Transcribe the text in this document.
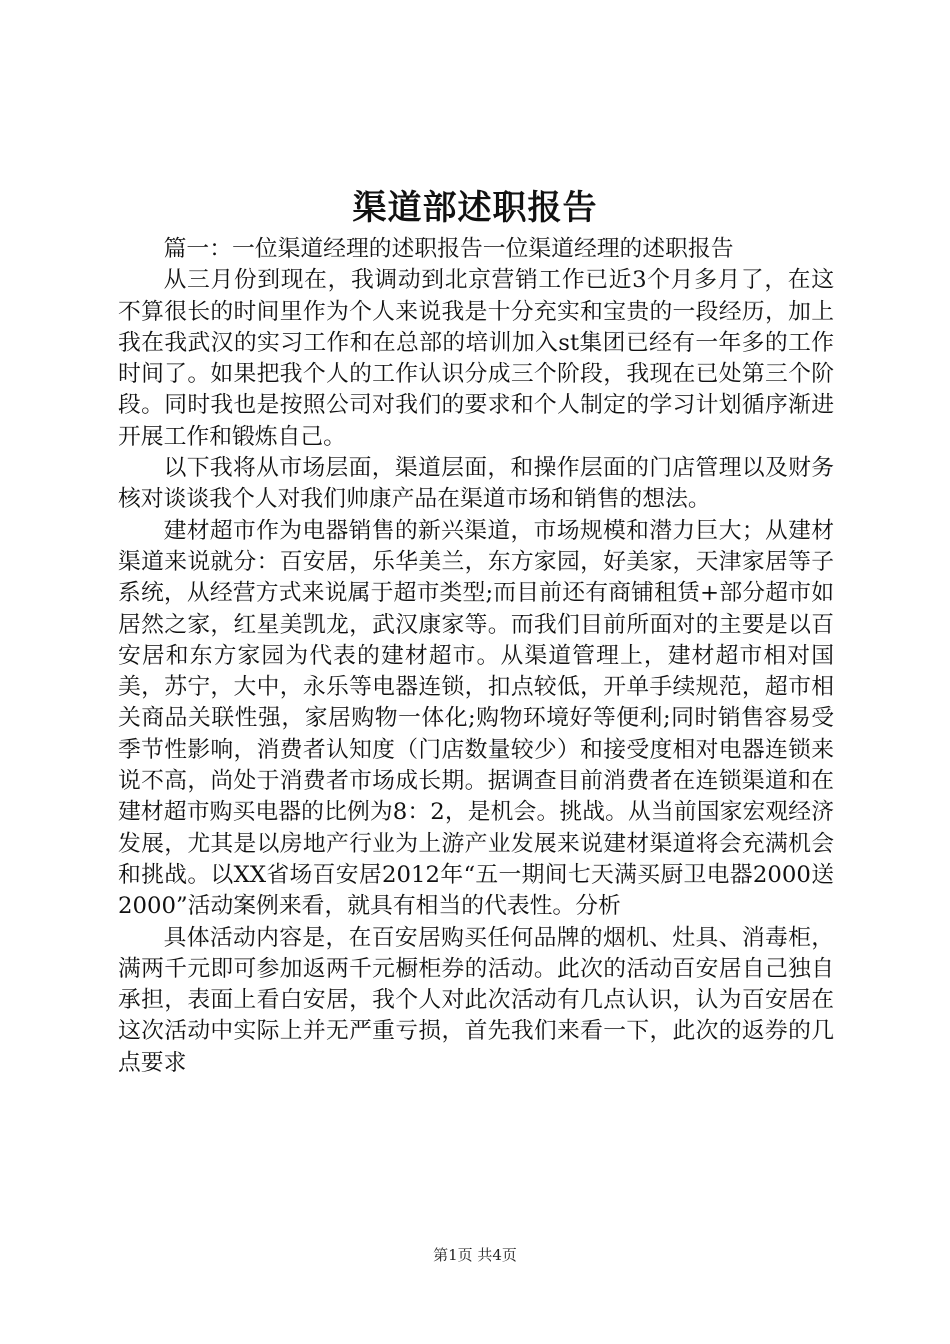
渠道部述职报告

篇一：一位渠道经理的述职报告一位渠道经理的述职报告

从三月份到现在，我调动到北京营销工作已近3个月多月了，在这不算很长的时间里作为个人来说我是十分充实和宝贵的一段经历，加上我在我武汉的实习工作和在总部的培训加入st集团已经有一年多的工作时间了。如果把我个人的工作认识分成三个阶段，我现在已处第三个阶段。同时我也是按照公司对我们的要求和个人制定的学习计划循序渐进开展工作和锻炼自己。

以下我将从市场层面，渠道层面，和操作层面的门店管理以及财务核对谈谈我个人对我们帅康产品在渠道市场和销售的想法。

建材超市作为电器销售的新兴渠道，市场规模和潜力巨大；从建材渠道来说就分：百安居，乐华美兰，东方家园，好美家，天津家居等子系统，从经营方式来说属于超市类型;而目前还有商铺租赁+部分超市如居然之家，红星美凯龙，武汉康家等。而我们目前所面对的主要是以百安居和东方家园为代表的建材超市。从渠道管理上，建材超市相对国美，苏宁，大中，永乐等电器连锁，扣点较低，开单手续规范，超市相关商品关联性强，家居购物一体化;购物环境好等便利;同时销售容易受季节性影响，消费者认知度（门店数量较少）和接受度相对电器连锁来说不高，尚处于消费者市场成长期。据调查目前消费者在连锁渠道和在建材超市购买电器的比例为8：2，是机会。挑战。从当前国家宏观经济发展，尤其是以房地产行业为上游产业发展来说建材渠道将会充满机会和挑战。以XX省场百安居2012年“五一期间七天满买厨卫电器2000送2000”活动案例来看，就具有相当的代表性。分析

具体活动内容是，在百安居购买任何品牌的烟机、灶具、消毒柜，满两千元即可参加返两千元橱柜券的活动。此次的活动百安居自己独自承担，表面上看白安居，我个人对此次活动有几点认识，认为百安居在这次活动中实际上并无严重亏损，首先我们来看一下，此次的返券的几点要求

第1页 共4页
